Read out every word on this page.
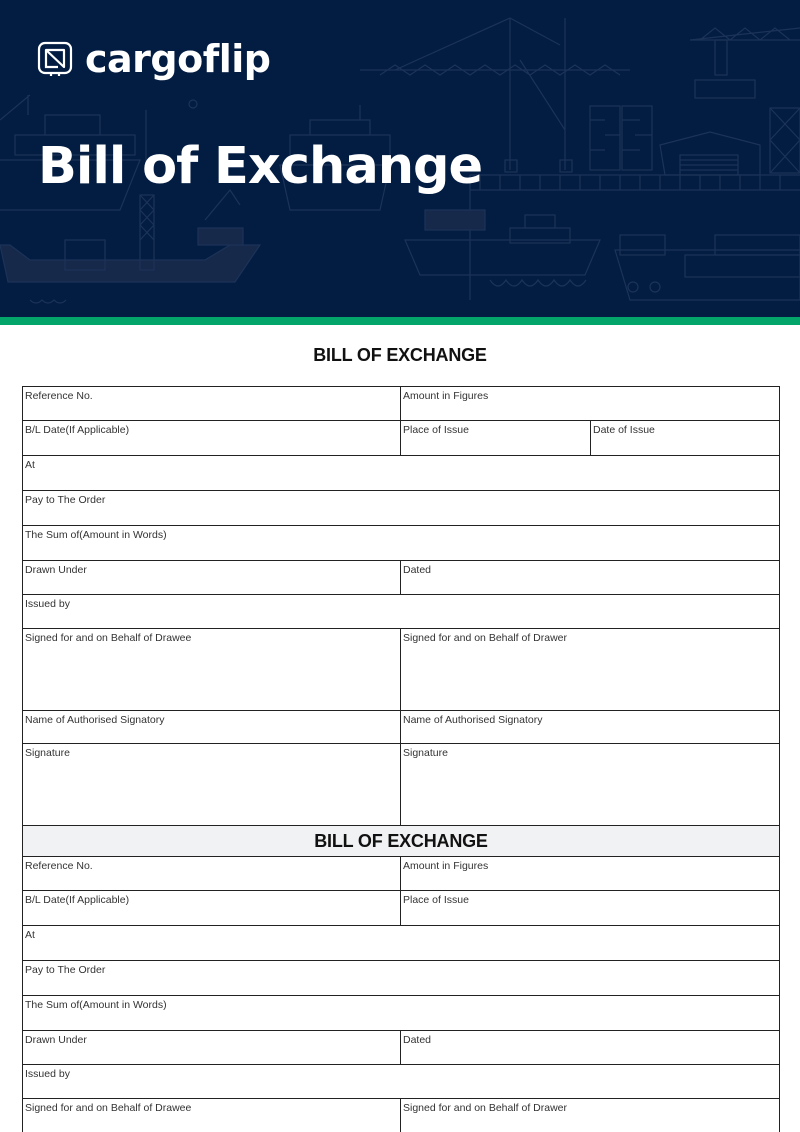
cargoflip
Bill of Exchange
BILL OF EXCHANGE
Reference No.	Amount in Figures
B/L Date(If Applicable)	Place of Issue	Date of Issue
At
Pay to The Order
The Sum of(Amount in Words)
Drawn Under	Dated
Issued by
Signed for and on Behalf of Drawee	Signed for and on Behalf of Drawer
Name of Authorised Signatory	Name of Authorised Signatory
Signature	Signature
BILL OF EXCHANGE
Reference No.	Amount in Figures
B/L Date(If Applicable)	Place of Issue
At
Pay to The Order
The Sum of(Amount in Words)
Drawn Under	Dated
Issued by
Signed for and on Behalf of Drawee	Signed for and on Behalf of Drawer
